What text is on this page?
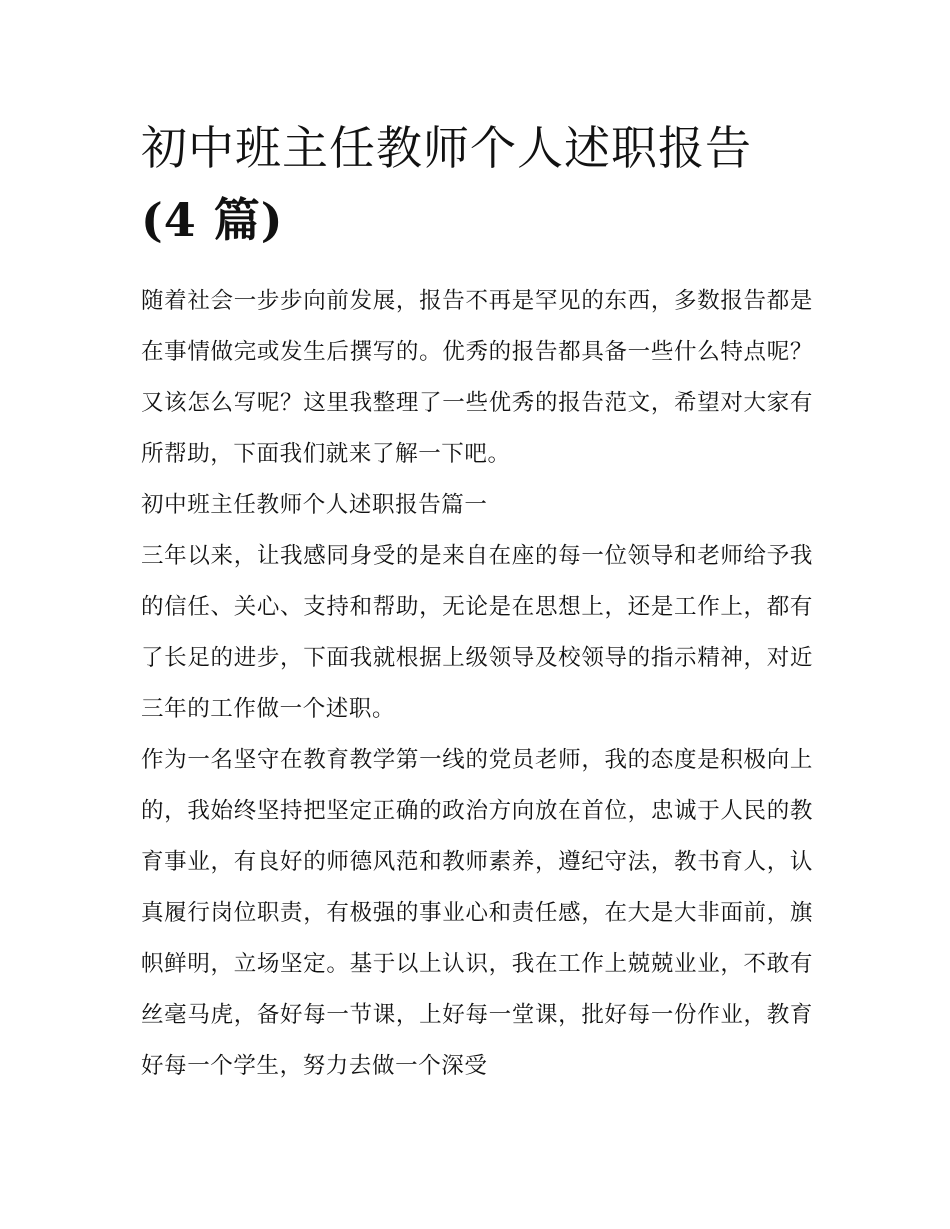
初中班主任教师个人述职报告
(4 篇)

随着社会一步步向前发展，报告不再是罕见的东西，多数报告都是在事情做完或发生后撰写的。优秀的报告都具备一些什么特点呢？又该怎么写呢？这里我整理了一些优秀的报告范文，希望对大家有所帮助，下面我们就来了解一下吧。

初中班主任教师个人述职报告篇一

三年以来，让我感同身受的是来自在座的每一位领导和老师给予我的信任、关心、支持和帮助，无论是在思想上，还是工作上，都有了长足的进步，下面我就根据上级领导及校领导的指示精神，对近三年的工作做一个述职。

作为一名坚守在教育教学第一线的党员老师，我的态度是积极向上的，我始终坚持把坚定正确的政治方向放在首位，忠诚于人民的教育事业，有良好的师德风范和教师素养，遵纪守法，教书育人，认真履行岗位职责，有极强的事业心和责任感，在大是大非面前，旗帜鲜明，立场坚定。基于以上认识，我在工作上兢兢业业，不敢有丝毫马虎，备好每一节课，上好每一堂课，批好每一份作业，教育好每一个学生，努力去做一个深受
